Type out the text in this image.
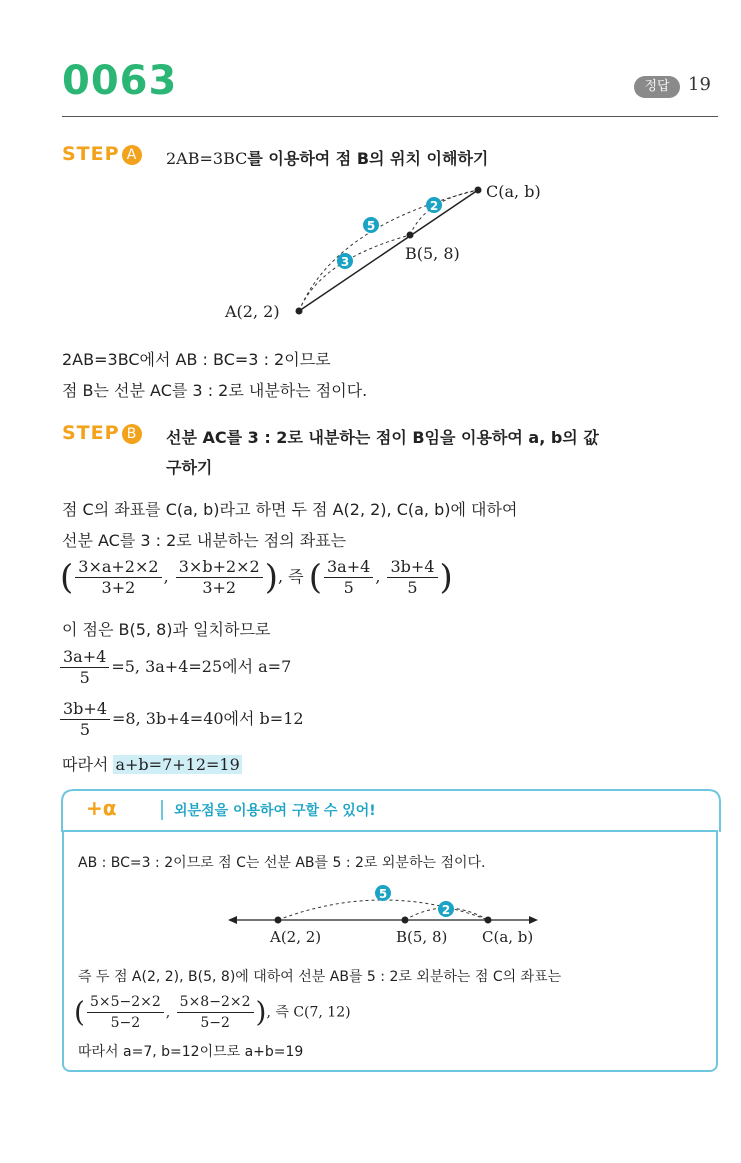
0063	정답	19
STEP A	2AB=3BC를 이용하여 점 B의 위치 이해하기
5
2
3
C(a, b)
B(5, 8)
A(2, 2)
2AB=3BC에서 AB : BC=3 : 2이므로
점 B는 선분 AC를 3 : 2로 내분하는 점이다.
STEP B	선분 AC를 3 : 2로 내분하는 점이 B임을 이용하여 a, b의 값
구하기
점 C의 좌표를 C(a, b)라고 하면 두 점 A(2, 2), C(a, b)에 대하여
선분 AC를 3 : 2로 내분하는 점의 좌표는
( $\frac{3\times a+2\times 2}{3+2}$ , $\frac{3\times b+2\times 2}{3+2}$ ), 즉 ( $\frac{3a+4}{5}$ , $\frac{3b+4}{5}$ )
이 점은 B(5, 8)과 일치하므로
$\frac{3a+4}{5} =5$, 3a+4=25에서 a=7
$\frac{3b+4}{5} =8$, 3b+4=40에서 b=12
따라서 a+b=7+12=19
+α	외분점을 이용하여 구할 수 있어!
AB : BC=3 : 2이므로 점 C는 선분 AB를 5 : 2로 외분하는 점이다.
5
2
A(2, 2)	B(5, 8) C(a, b)
즉 두 점 A(2, 2), B(5, 8)에 대하여 선분 AB를 5 : 2로 외분하는 점 C의 좌표는
( $\frac{5\times 5-2\times 2}{5-2}$ , $\frac{5\times 8-2\times 2}{5-2}$ ), 즉 C(7, 12)
따라서 a=7, b=12이므로 a+b=19
